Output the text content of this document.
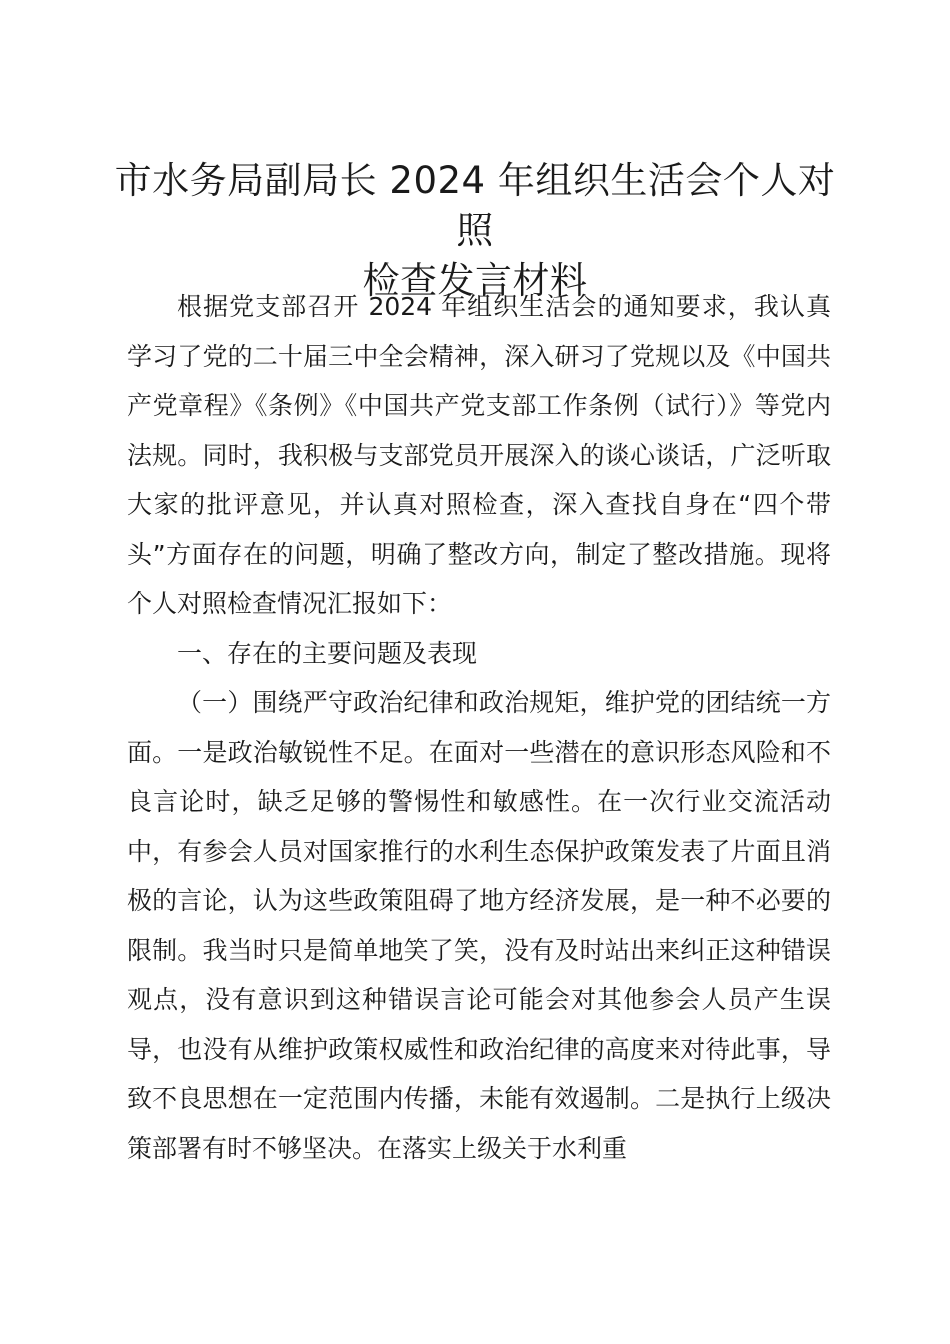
市水务局副局长 2024 年组织生活会个人对照
检查发言材料

根据党支部召开 2024 年组织生活会的通知要求，我认真学习了党的二十届三中全会精神，深入研习了党规以及《中国共产党章程》《条例》《中国共产党支部工作条例（试行）》等党内法规。同时，我积极与支部党员开展深入的谈心谈话，广泛听取大家的批评意见，并认真对照检查，深入查找自身在“四个带头”方面存在的问题，明确了整改方向，制定了整改措施。现将个人对照检查情况汇报如下：

一、存在的主要问题及表现

（一）围绕严守政治纪律和政治规矩，维护党的团结统一方面。一是政治敏锐性不足。在面对一些潜在的意识形态风险和不良言论时，缺乏足够的警惕性和敏感性。在一次行业交流活动中，有参会人员对国家推行的水利生态保护政策发表了片面且消极的言论，认为这些政策阻碍了地方经济发展，是一种不必要的限制。我当时只是简单地笑了笑，没有及时站出来纠正这种错误观点，没有意识到这种错误言论可能会对其他参会人员产生误导，也没有从维护政策权威性和政治纪律的高度来对待此事，导致不良思想在一定范围内传播，未能有效遏制。二是执行上级决策部署有时不够坚决。在落实上级关于水利重
